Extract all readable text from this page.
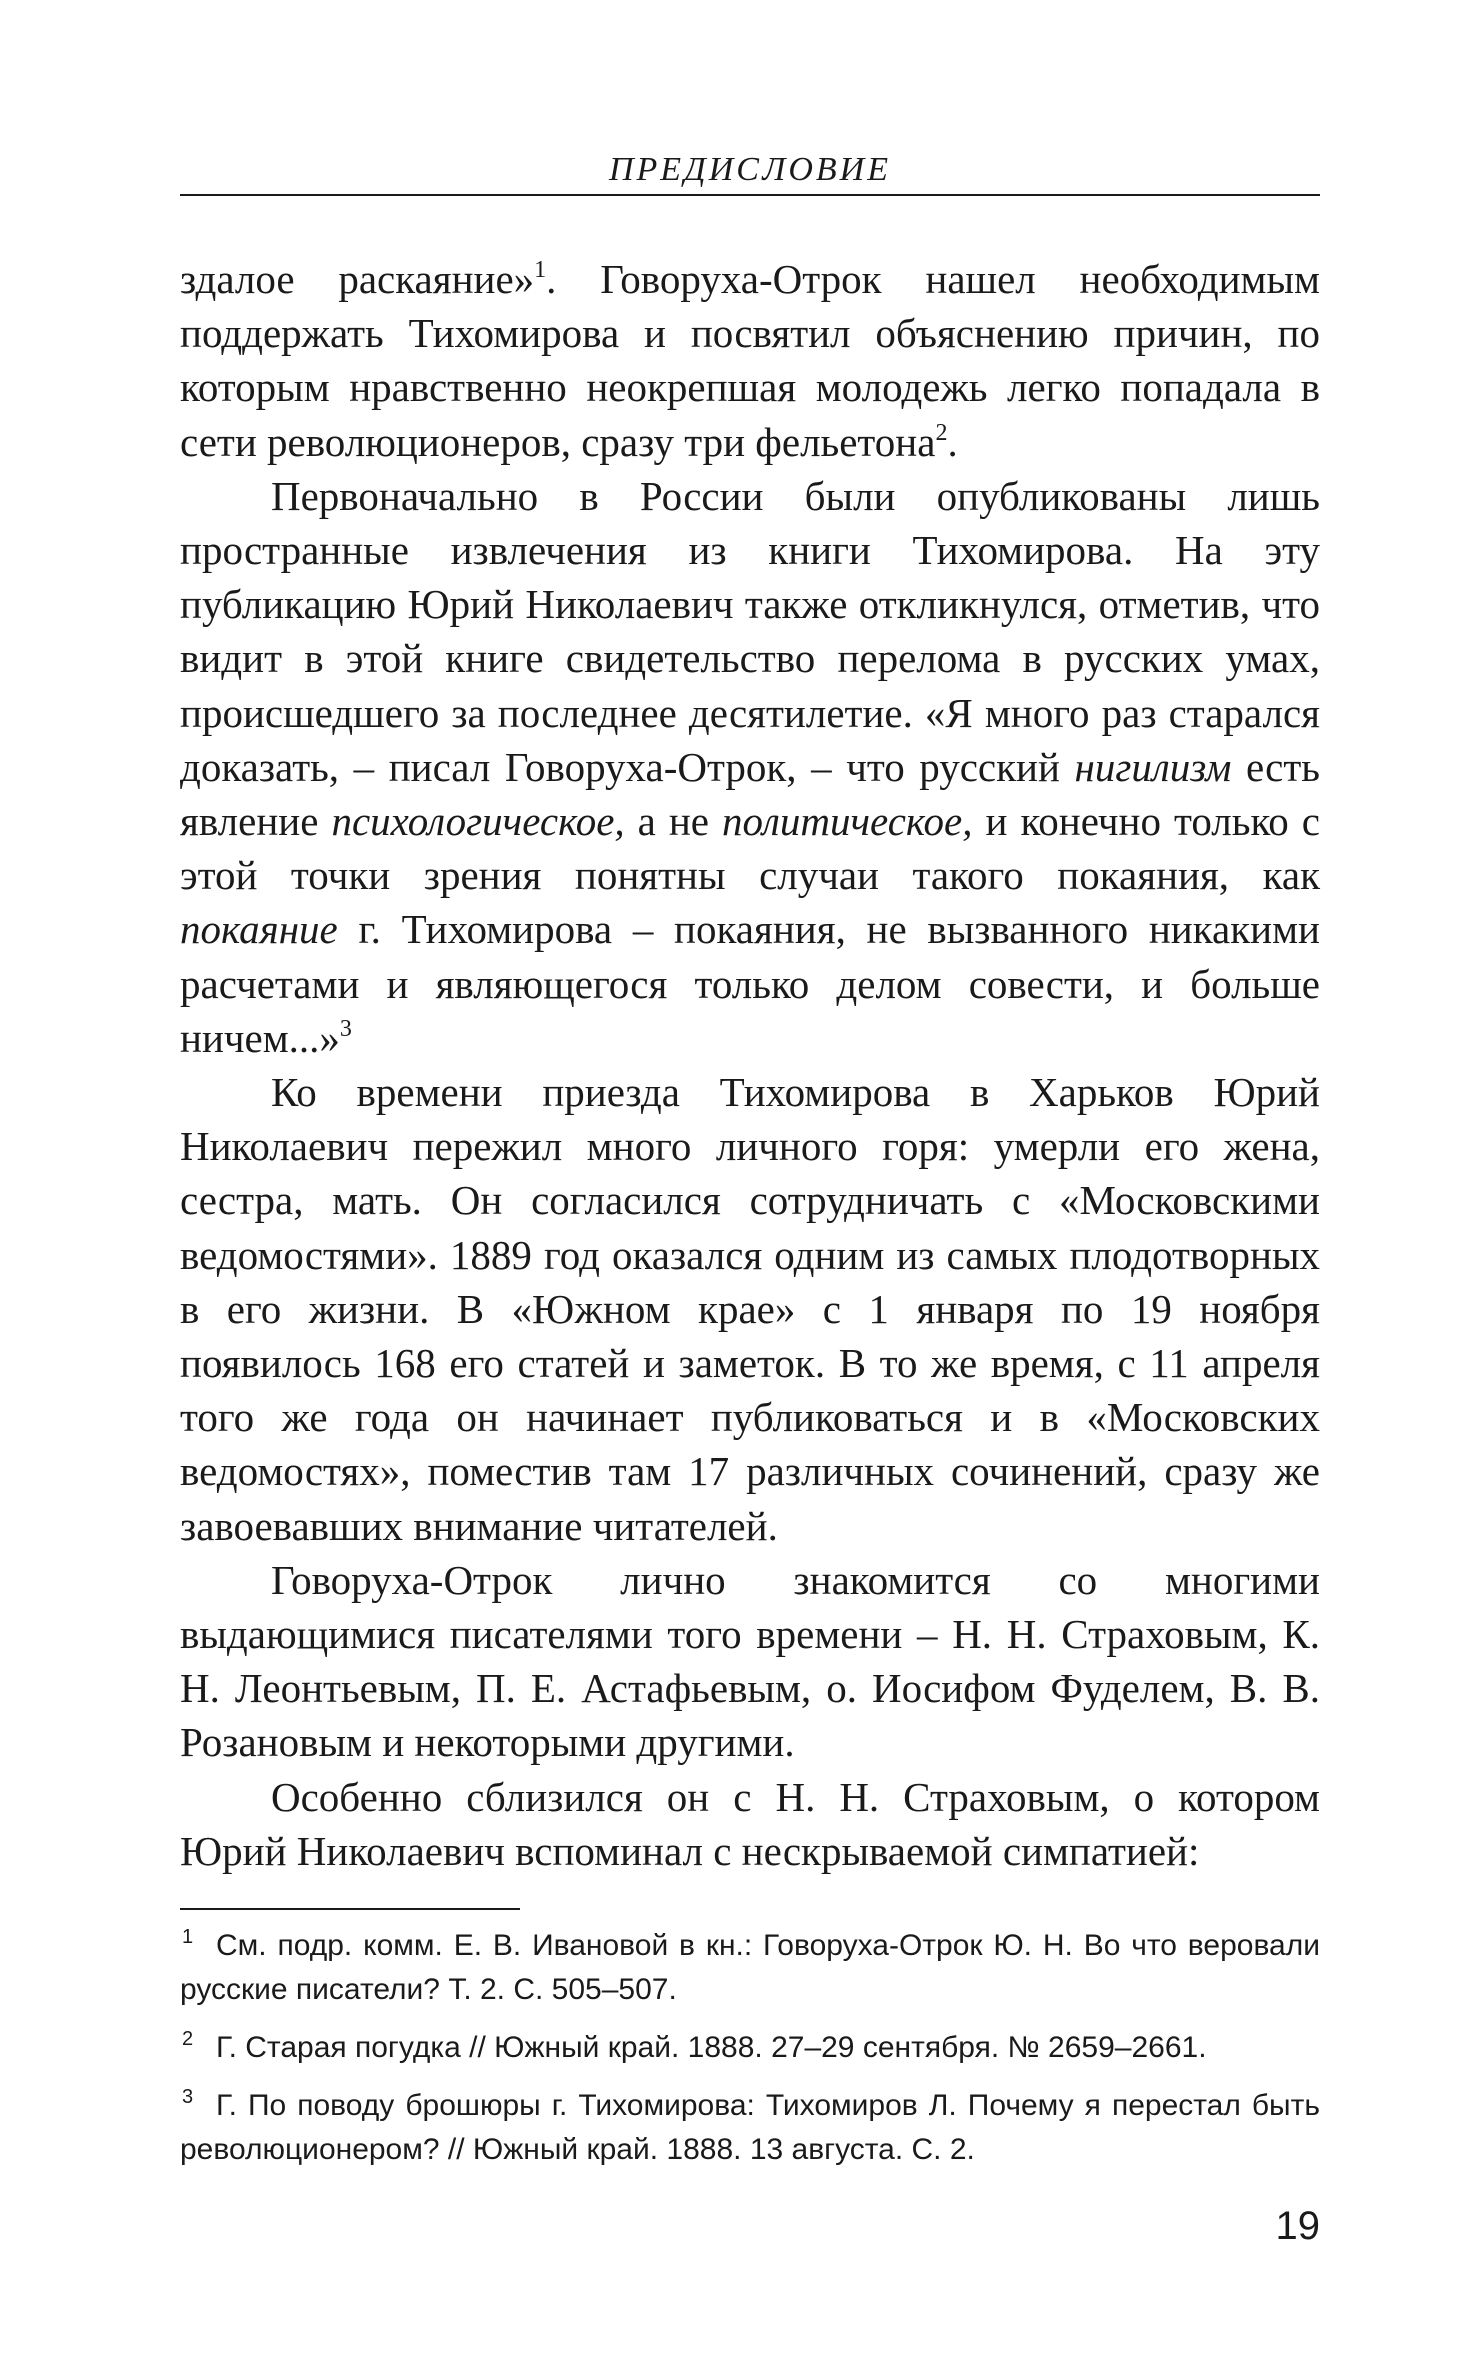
ПРЕДИСЛОВИЕ

здалое раскаяние»$^1$. Говоруха-Отрок нашел необходимым поддержать Тихомирова и посвятил объяснению причин, по которым нравственно неокрепшая молодежь легко попадала в сети революционеров, сразу три фельетона$^2$.

Первоначально в России были опубликованы лишь пространные извлечения из книги Тихомирова. На эту публикацию Юрий Николаевич также откликнулся, отметив, что видит в этой книге свидетельство перелома в русских умах, происшедшего за последнее десятилетие. «Я много раз старался доказать, – писал Говоруха-Отрок, – что русский нигилизм есть явление психологическое, а не политическое, и конечно только с этой точки зрения понятны случаи такого покаяния, как покаяние г. Тихомирова – покаяния, не вызванного никакими расчетами и являющегося только делом совести, и больше ничем...»$^3$

Ко времени приезда Тихомирова в Харьков Юрий Николаевич пережил много личного горя: умерли его жена, сестра, мать. Он согласился сотрудничать с «Московскими ведомостями». 1889 год оказался одним из самых плодотворных в его жизни. В «Южном крае» с 1 января по 19 ноября появилось 168 его статей и заметок. В то же время, с 11 апреля того же года он начинает публиковаться и в «Московских ведомостях», поместив там 17 различных сочинений, сразу же завоевавших внимание читателей.

Говоруха-Отрок лично знакомится со многими выдающимися писателями того времени – Н. Н. Страховым, К. Н. Леонтьевым, П. Е. Астафьевым, о. Иосифом Фуделем, В. В. Розановым и некоторыми другими.

Особенно сблизился он с Н. Н. Страховым, о котором Юрий Николаевич вспоминал с нескрываемой симпатией:

1 См. подр. комм. Е. В. Ивановой в кн.: Говоруха-Отрок Ю. Н. Во что веровали русские писатели? Т. 2. С. 505–507.

2 Г. Старая погудка // Южный край. 1888. 27–29 сентября. № 2659–2661.

3 Г. По поводу брошюры г. Тихомирова: Тихомиров Л. Почему я перестал быть революционером? // Южный край. 1888. 13 августа. С. 2.

19
